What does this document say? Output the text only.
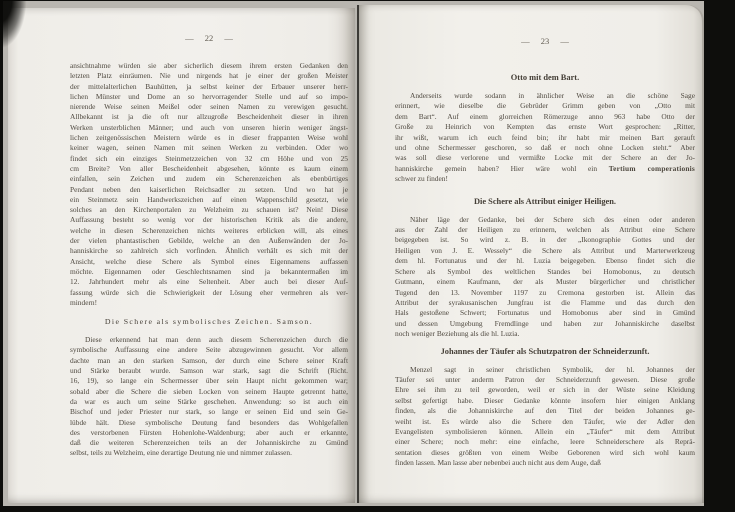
— 22 —
ansichtnahme würden sie aber sicherlich diesem ihrem ersten Gedanken den
letzten Platz einräumen. Nie und nirgends hat je einer der großen Meister
der mittelalterlichen Bauhütten, ja selbst keiner der Erbauer unserer herr-
lichen Münster und Dome an so hervorragender Stelle und auf so impo-
nierende Weise seinen Meißel oder seinen Namen zu verewigen gesucht.
Allbekannt ist ja die oft nur allzugroße Bescheidenheit dieser in ihren
Werken unsterblichen Männer; und auch von unseren hierin weniger ängst-
lichen zeitgenössischen Meistern würde es in dieser frappanten Weise wohl
keiner wagen, seinen Namen mit seinen Werken zu verbinden. Oder wo
findet sich ein einziges Steinmetzzeichen von 32 cm Höhe und von 25
cm Breite? Von aller Bescheidenheit abgesehen, könnte es kaum einem
einfallen, sein Zeichen und zudem ein Scherenzeichen als ebenbürtiges
Pendant neben den kaiserlichen Reichsadler zu setzen. Und wo hat je
ein Steinmetz sein Handwerkszeichen auf einen Wappenschild gesetzt, wie
solches an den Kirchenportalen zu Welzheim zu schauen ist? Nein! Diese
Auffassung besteht so wenig vor der historischen Kritik als die andere,
welche in diesen Scherenzeichen nichts weiteres erblicken will, als eines
der vielen phantastischen Gebilde, welche an den Außenwänden der Jo-
hanniskirche so zahlreich sich vorfinden. Ähnlich verhält es sich mit der
Ansicht, welche diese Schere als Symbol eines Eigennamens auffassen
möchte. Eigennamen oder Geschlechtsnamen sind ja bekanntermaßen im
12. Jahrhundert mehr als eine Seltenheit. Aber auch bei dieser Auf-
fassung würde sich die Schwierigkeit der Lösung eher vermehren als ver-
mindern!
Die Schere als symbolisches Zeichen. Samson.
Diese erkennend hat man denn auch diesem Scherenzeichen durch die
symbolische Auffassung eine andere Seite abzugewinnen gesucht. Vor allem
dachte man an den starken Samson, der durch eine Schere seiner Kraft
und Stärke beraubt wurde. Samson war stark, sagt die Schrift (Richt.
16, 19), so lange ein Schermesser über sein Haupt nicht gekommen war;
sobald aber die Schere die sieben Locken von seinem Haupte getrennt hatte,
da war es auch um seine Stärke geschehen. Anwendung: so ist auch ein
Bischof und jeder Priester nur stark, so lange er seinen Eid und sein Ge-
lübde hält. Diese symbolische Deutung fand besonders das Wohlgefallen
des verstorbenen Fürsten Hohenlohe-Waldenburg; aber auch er erkannte,
daß die weiteren Scherenzeichen teils an der Johanniskirche zu Gmünd
selbst, teils zu Welzheim, eine derartige Deutung nie und nimmer zulassen.
— 23 —
Otto mit dem Bart.
Anderseits wurde sodann in ähnlicher Weise an die schöne Sage
erinnert, wie dieselbe die Gebrüder Grimm geben von „Otto mit
dem Bart“. Auf einem glorreichen Römerzuge anno 963 habe Otto der
Große zu Heinrich von Kempten das ernste Wort gesprochen: „Ritter,
ihr wißt, warum ich euch feind bin; ihr habt mir meinen Bart gerauft
und ohne Schermesser geschoren, so daß er noch ohne Locken steht.“ Aber
was soll diese verlorene und vermißte Locke mit der Schere an der Jo-
hanniskirche gemein haben? Hier wäre wohl ein Tertium comperationis
schwer zu finden!
Die Schere als Attribut einiger Heiligen.
Näher läge der Gedanke, bei der Schere sich des einen oder anderen
aus der Zahl der Heiligen zu erinnern, welchen als Attribut eine Schere
beigegeben ist. So wird z. B. in der „Ikonographie Gottes und der
Heiligen von J. E. Wessely“ die Schere als Attribut und Marterwerkzeug
dem hl. Fortunatus und der hl. Luzia beigegeben. Ebenso findet sich die
Schere als Symbol des weltlichen Standes bei Homobonus, zu deutsch
Gutmann, einem Kaufmann, der als Muster bürgerlicher und christlicher
Tugend den 13. November 1197 zu Cremona gestorben ist. Allein das
Attribut der syrakusanischen Jungfrau ist die Flamme und das durch den
Hals gestoßene Schwert; Fortunatus und Homobonus aber sind in Gmünd
und dessen Umgebung Fremdlinge und haben zur Johanniskirche daselbst
noch weniger Beziehung als die hl. Luzia.
Johannes der Täufer als Schutzpatron der Schneiderzunft.
Menzel sagt in seiner christlichen Symbolik, der hl. Johannes der
Täufer sei unter anderm Patron der Schneiderzunft gewesen. Diese große
Ehre sei ihm zu teil geworden, weil er sich in der Wüste seine Kleidung
selbst gefertigt habe. Dieser Gedanke könnte insofern hier einigen Anklang
finden, als die Johanniskirche auf den Titel der beiden Johannes ge-
weiht ist. Es würde also die Schere den Täufer, wie der Adler den
Evangelisten symbolisieren können. Allein ein „Täufer“ mit dem Attribut
einer Schere; noch mehr: eine einfache, leere Schneiderschere als Reprä-
sentation dieses größten von einem Weibe Geborenen wird sich wohl kaum
finden lassen. Man lasse aber nebenbei auch nicht aus dem Auge, daß
